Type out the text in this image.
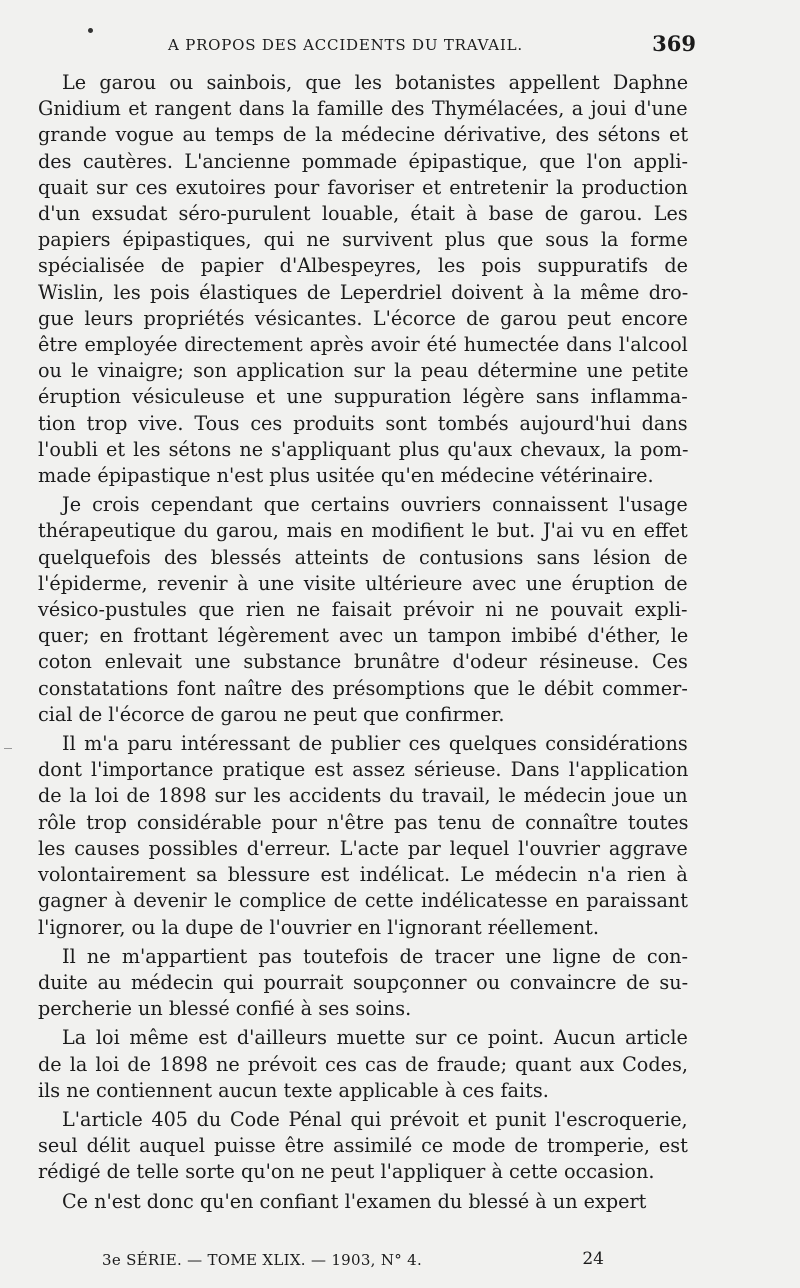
A PROPOS DES ACCIDENTS DU TRAVAIL.	369

Le garou ou sainbois, que les botanistes appellent Daphne
Gnidium et rangent dans la famille des Thymélacées, a joui d'une
grande vogue au temps de la médecine dérivative, des sétons et
des cautères. L'ancienne pommade épipastique, que l'on appli-
quait sur ces exutoires pour favoriser et entretenir la production
d'un exsudat séro-purulent louable, était à base de garou. Les
papiers épipastiques, qui ne survivent plus que sous la forme
spécialisée de papier d'Albespeyres, les pois suppuratifs de
Wislin, les pois élastiques de Leperdriel doivent à la même dro-
gue leurs propriétés vésicantes. L'écorce de garou peut encore
être employée directement après avoir été humectée dans l'alcool
ou le vinaigre; son application sur la peau détermine une petite
éruption vésiculeuse et une suppuration légère sans inflamma-
tion trop vive. Tous ces produits sont tombés aujourd'hui dans
l'oubli et les sétons ne s'appliquant plus qu'aux chevaux, la pom-
made épipastique n'est plus usitée qu'en médecine vétérinaire.

Je crois cependant que certains ouvriers connaissent l'usage
thérapeutique du garou, mais en modifient le but. J'ai vu en effet
quelquefois des blessés atteints de contusions sans lésion de
l'épiderme, revenir à une visite ultérieure avec une éruption de
vésico-pustules que rien ne faisait prévoir ni ne pouvait expli-
quer; en frottant légèrement avec un tampon imbibé d'éther, le
coton enlevait une substance brunâtre d'odeur résineuse. Ces
constatations font naître des présomptions que le débit commer-
cial de l'écorce de garou ne peut que confirmer.

Il m'a paru intéressant de publier ces quelques considérations
dont l'importance pratique est assez sérieuse. Dans l'application
de la loi de 1898 sur les accidents du travail, le médecin joue un
rôle trop considérable pour n'être pas tenu de connaître toutes
les causes possibles d'erreur. L'acte par lequel l'ouvrier aggrave
volontairement sa blessure est indélicat. Le médecin n'a rien à
gagner à devenir le complice de cette indélicatesse en paraissant
l'ignorer, ou la dupe de l'ouvrier en l'ignorant réellement.

Il ne m'appartient pas toutefois de tracer une ligne de con-
duite au médecin qui pourrait soupçonner ou convaincre de su-
percherie un blessé confié à ses soins.

La loi même est d'ailleurs muette sur ce point. Aucun article
de la loi de 1898 ne prévoit ces cas de fraude; quant aux Codes,
ils ne contiennent aucun texte applicable à ces faits.

L'article 405 du Code Pénal qui prévoit et punit l'escroquerie,
seul délit auquel puisse être assimilé ce mode de tromperie, est
rédigé de telle sorte qu'on ne peut l'appliquer à cette occasion.

Ce n'est donc qu'en confiant l'examen du blessé à un expert

3e SÉRIE. — TOME XLIX. — 1903, N° 4.	24
